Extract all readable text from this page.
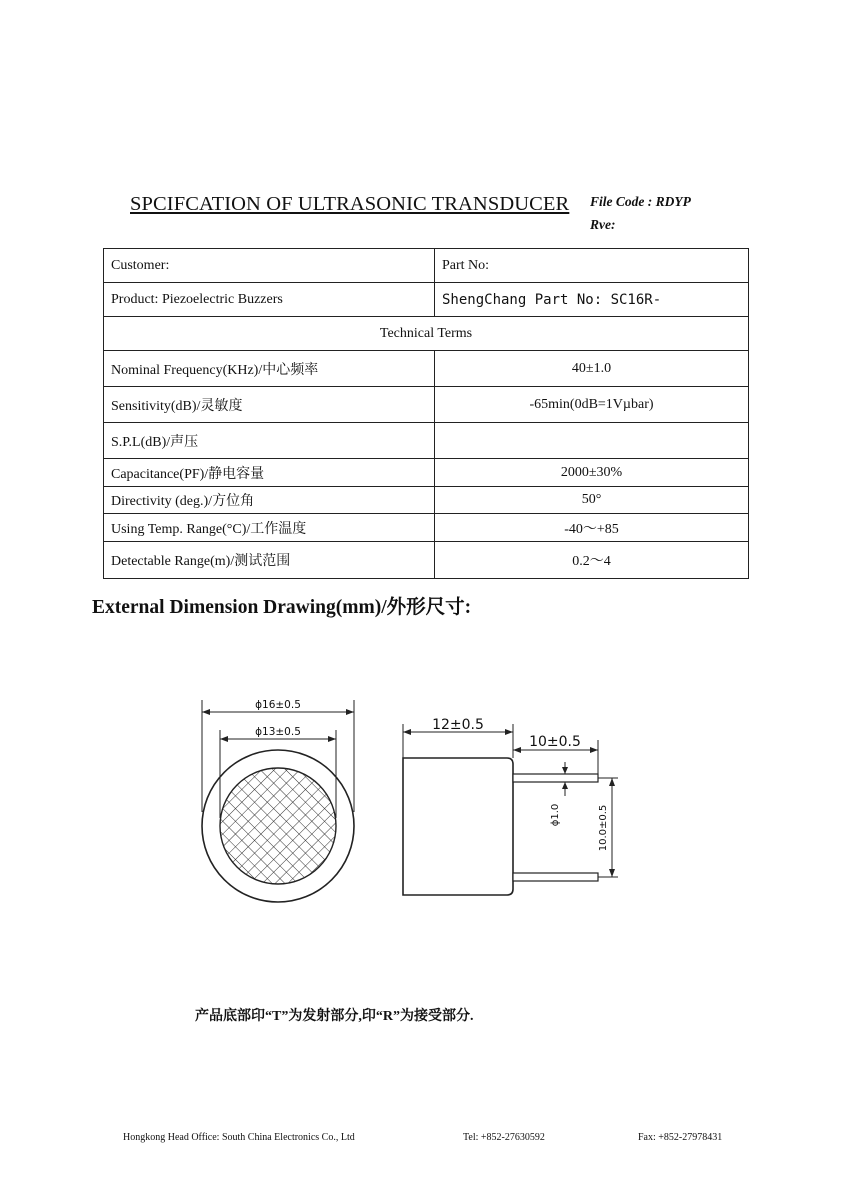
SPCIFCATION OF ULTRASONIC TRANSDUCER File Code : RDYP
Rve:
Customer:	Part No:
Product: Piezoelectric Buzzers	ShengChang Part No: SC16R-
Technical Terms	
Nominal Frequency(KHz)/中心频率	40±1.0
Sensitivity(dB)/灵敏度	-65min(0dB=1Vµbar)
S.P.L(dB)/声压	
Capacitance(PF)/静电容量	2000±30%
Directivity (deg.)/方位角	50°
Using Temp. Range(°C)/工作温度	-40～+85
Detectable Range(m)/测试范围	0.2～4
External Dimension Drawing(mm)/外形尺寸:
ϕ16±0.5
ϕ13±0.5	12±0.5
10±0.5
ϕ1.0	10.0±0.5
产品底部印“T”为发射部分,印“R”为接受部分.
Hongkong Head Office: South China Electronics Co., Ltd	Tel: +852-27630592	Fax: +852-27978431
